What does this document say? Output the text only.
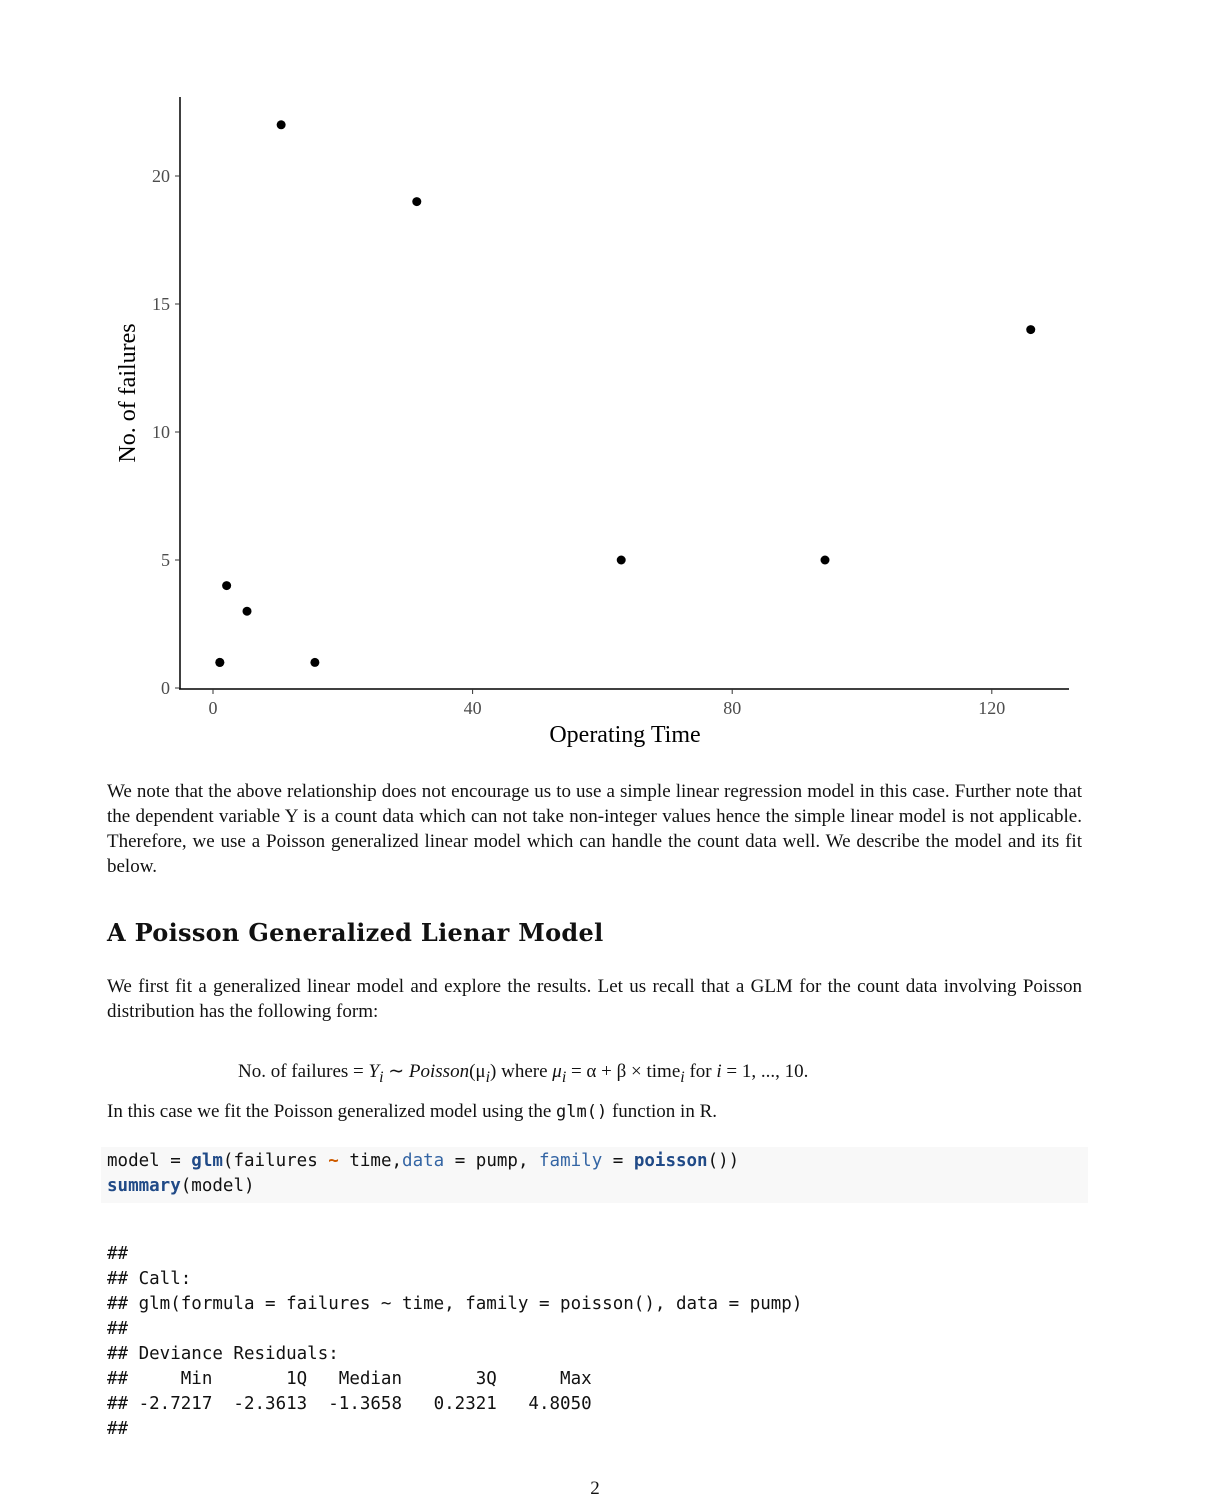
0	40	80	120
0
5
10
15
20
Operating Time
No. of failures
We note that the above relationship does not encourage us to use a simple linear regression model in this case. Further note that the dependent variable Y is a count data which can not take non-integer values hence the simple linear model is not applicable. Therefore, we use a Poisson generalized linear model which can handle the count data well. We describe the model and its fit below.
A Poisson Generalized Lienar Model
We first fit a generalized linear model and explore the results. Let us recall that a GLM for the count data involving Poisson distribution has the following form:
No. of failures = $Y_i$ ∼ $Poisson(\mu_i)$ where $\mu_i = \alpha + \beta$ × time$_i$ for i = 1, ..., 10.
In this case we fit the Poisson generalized model using the glm() function in R.
model = glm(failures ~ time,data = pump, family = poisson())
summary(model)
##
## Call:
## glm(formula = failures ~ time, family = poisson(), data = pump)
##
## Deviance Residuals:
##     Min       1Q   Median       3Q      Max
## -2.7217  -2.3613  -1.3658   0.2321   4.8050
##
2
